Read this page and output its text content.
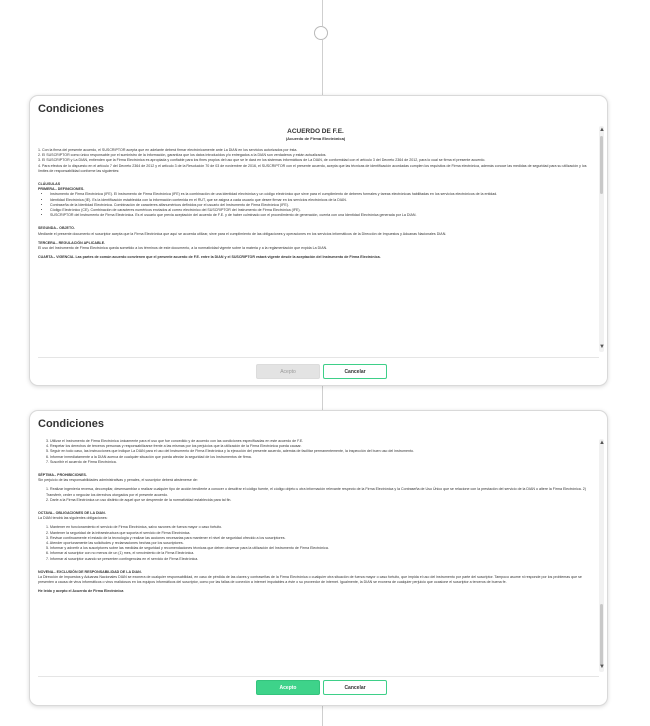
Condiciones
ACUERDO DE F.E.
(Acuerdo de Firma Electrónica)

1. Con la firma del presente acuerdo, el SUSCRIPTOR acepta que en adelante deberá firmar electrónicamente ante La DIAN en los servicios autorizados por ésta.

2. El SUSCRIPTOR como único responsable por el suministro de la información, garantiza que los datos introducidos y/o entregados a la DIAN son verdaderos y están actualizados.

3. El SUSCRIPTOR y La DIAN, entienden que la Firma Electrónica es apropiada y confiable para los fines propios del uso que se le dará en los sistemas informáticos de La DIAN, de conformidad con el artículo 3 del Decreto 2364 de 2012, para lo cual se firma el presente acuerdo.

4. Para efectos de lo dispuesto en el artículo 7 del Decreto 2364 de 2012 y el artículo 3 de la Resolución 70 de 03 de noviembre de 2016, el SUSCRIPTOR con el presente acuerdo, acepta que las técnicas de identificación acordadas cumplen los requisitos de Firma electrónica, además conoce las medidas de seguridad para su utilización y los límites de responsabilidad conforme las siguientes:

CLÁUSULAS
PRIMERA.- DEFINICIONES.
• Instrumento de Firma Electrónica (IFE). El instrumento de Firma Electrónica (IFE) es la combinación de una identidad electrónica y un código electrónico que sirve para el cumplimiento de deberes formales y tareas electrónicas habilitadas en los servicios electrónicos de la entidad.
• Identidad Electrónica (IE). Es la identificación establecida con la información contenida en el RUT, que se asigna a cada usuario que desee firmar en los servicios electrónicos de la DIAN.
• Contraseña de la Identidad Electrónica. Combinación de caracteres alfanuméricos definidos por el usuario del Instrumento de Firma Electrónica (IFE).
• Código Electrónico (CE). Combinación de caracteres numéricos enviados al correo electrónico del SUSCRIPTOR del Instrumento de Firma Electrónica (IFE).
• SUSCRIPTOR del Instrumento de Firma Electrónica. Es el usuario que previa aceptación del acuerdo de F.E. y de haber culminado con el procedimiento de generación, cuenta con una Identidad Electrónica generada por La DIAN.
SEGUNDA.- OBJETO.

Mediante el presente documento el suscriptor acepta que la Firma Electrónica que aquí se acuerda utilizar, sirve para el cumplimiento de las obligaciones y operaciones en los servicios informáticos de la Dirección de Impuestos y Aduanas Nacionales DIAN.

TERCERA.- REGULACIÓN APLICABLE.

El uso del Instrumento de Firma Electrónica queda sometido a los términos de este documento, a la normatividad vigente sobre la materia y a la reglamentación que expida La DIAN.

CUARTA.- VIGENCIA. Las partes de común acuerdo convienen que el presente acuerdo de F.E. entre la DIAN y el SUSCRIPTOR estará vigente desde la aceptación del Instrumento de Firma Electrónica.
▲
▼
Acepto	Cancelar
Condiciones
3. Utilizar el Instrumento de Firma Electrónica únicamente para el uso que fue concedido y de acuerdo con las condiciones especificadas en este acuerdo de F.E.
4. Respetar los derechos de terceros personas y responsabilizarse frente a las mismas por los perjuicios que la utilización de la Firma Electrónica pueda causar.
5. Seguir en todo caso, las instrucciones que indique La DIAN para el uso del Instrumento de Firma Electrónica y la ejecución del presente acuerdo, además de facilitar permanentemente, la inspección del buen uso del instrumento.
6. Informar inmediatamente a la DIAN acerca de cualquier situación que pueda afectar la seguridad de los Instrumentos de firma.
7. Suscribir el acuerdo de Firma Electrónica.
SÉPTIMA.- PROHIBICIONES.

Sin perjuicio de las responsabilidades administrativas y penales, el suscriptor deberá abstenerse de:

1. Realizar ingeniería reversa, decompilar, desensamblar o realizar cualquier tipo de acción tendiente a conocer o descifrar el código fuente, el código objeto u otra información relevante respecto de la Firma Electrónica y la Contraseña de Uso Único que se relacione con la prestación del servicio de la DIAN o altere la Firma Electrónica. 2) Transferir, ceder o negociar los derechos otorgados por el presente acuerdo.
2. Darle a la Firma Electrónica un uso distinto de aquel que se desprende de la normatividad establecida para tal fin.
OCTAVA.- OBLIGACIONES DE LA DIAN.

La DIAN tendrá las siguientes obligaciones:

1. Mantener en funcionamiento el servicio de Firma Electrónica, salvo razones de fuerza mayor o caso fortuito.
2. Mantener la seguridad de la infraestructura que soporta el servicio de Firma Electrónica.
3. Revisar continuamente el estado de la tecnología y realizar las acciones necesarias para mantener el nivel de seguridad ofrecido a los suscriptores.
4. Atender oportunamente las solicitudes y reclamaciones hechas por los suscriptores.
5. Informar y advertir a los suscriptores sobre las medidas de seguridad y recomendaciones técnicas que deben observar para la utilización del Instrumento de Firma Electrónica.
6. Informar al suscriptor con no menos de un (1) mes, el vencimiento de la Firma Electrónica.
7. Informar al suscriptor cuando se presenten contingencias en el servicio de Firma Electrónica.
NOVENA.- EXCLUSIÓN DE RESPONSABILIDAD DE LA DIAN.

La Dirección de Impuestos y Aduanas Nacionales DIAN se exonera de cualquier responsabilidad, en caso de pérdida de las claves y contraseñas de la Firma Electrónica o cualquier otra situación de fuerza mayor o caso fortuito, que impida el uso del instrumento por parte del suscriptor. Tampoco asume ni responde por los problemas que se presenten a causa de virus informáticos o virus maliciosos en los equipos informáticos del suscriptor, como por las fallas de conexión a internet imputables a éste o su proveedor de internet. Igualmente, la DIAN se exonera de cualquier perjuicio que ocasione el suscriptor a terceros de buena fe.

He leído y acepto el Acuerdo de Firma Electrónica
▲
▼
Acepto	Cancelar
